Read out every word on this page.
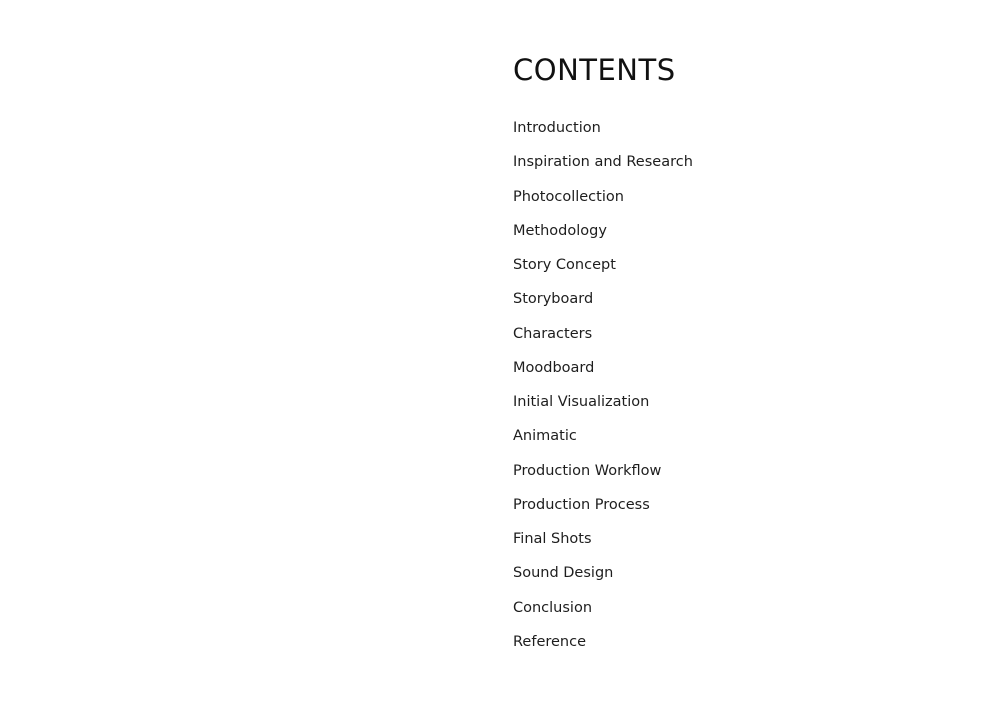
CONTENTS
Introduction
Inspiration and Research
Photocollection
Methodology
Story Concept
Storyboard
Characters
Moodboard
Initial Visualization
Animatic
Production Workflow
Production Process
Final Shots
Sound Design
Conclusion
Reference
